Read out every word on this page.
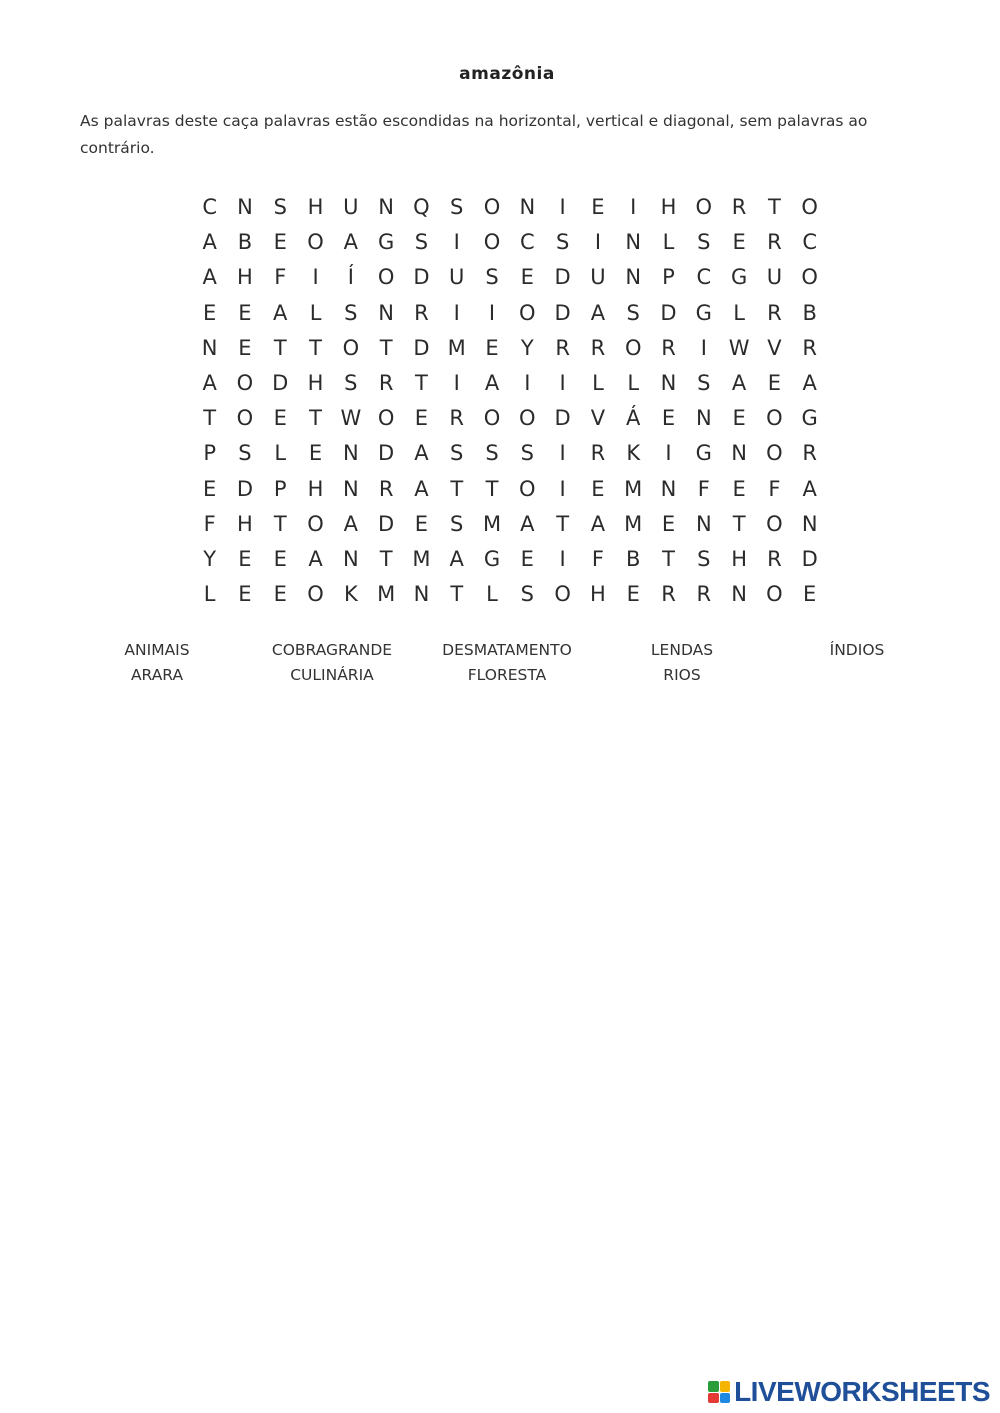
amazônia
As palavras deste caça palavras estão escondidas na horizontal, vertical e diagonal, sem palavras ao contrário.
C N S H U N Q S O N	I	E	I	H O R	T O
A B	E O A G S	I	O C	S	I	N	L	S	E	R C
A H	F	I	Í	O D U S	E D U N	P	C G U O
E	E	A	L	S N R	I	I	O D A	S D G	L	R B
N E	T	T O T D M E	Y	R R O R	I	W V R
A O D H S	R	T	I	A	I	I	L	L	N S	A	E	A
T O E	T W O E	R O O D V Á	E N E O G
P	S	L	E N D A	S	S	S	I	R	K	I	G N O R
E D P	H N R A	T	T O	I	E M N	F	E	F	A
F	H T O A D E	S M A	T	A M E N	T O N
Y	E	E	A N	T M A G E	I	F	B	T	S H R D
L	E	E O K M N	T	L	S O H E	R R N O E
ANIMAIS	COBRAGRANDE	DESMATAMENTO	LENDAS	ÍNDIOS
ARARA	CULINÁRIA	FLORESTA	RIOS
LIVEWORKSHEETS
